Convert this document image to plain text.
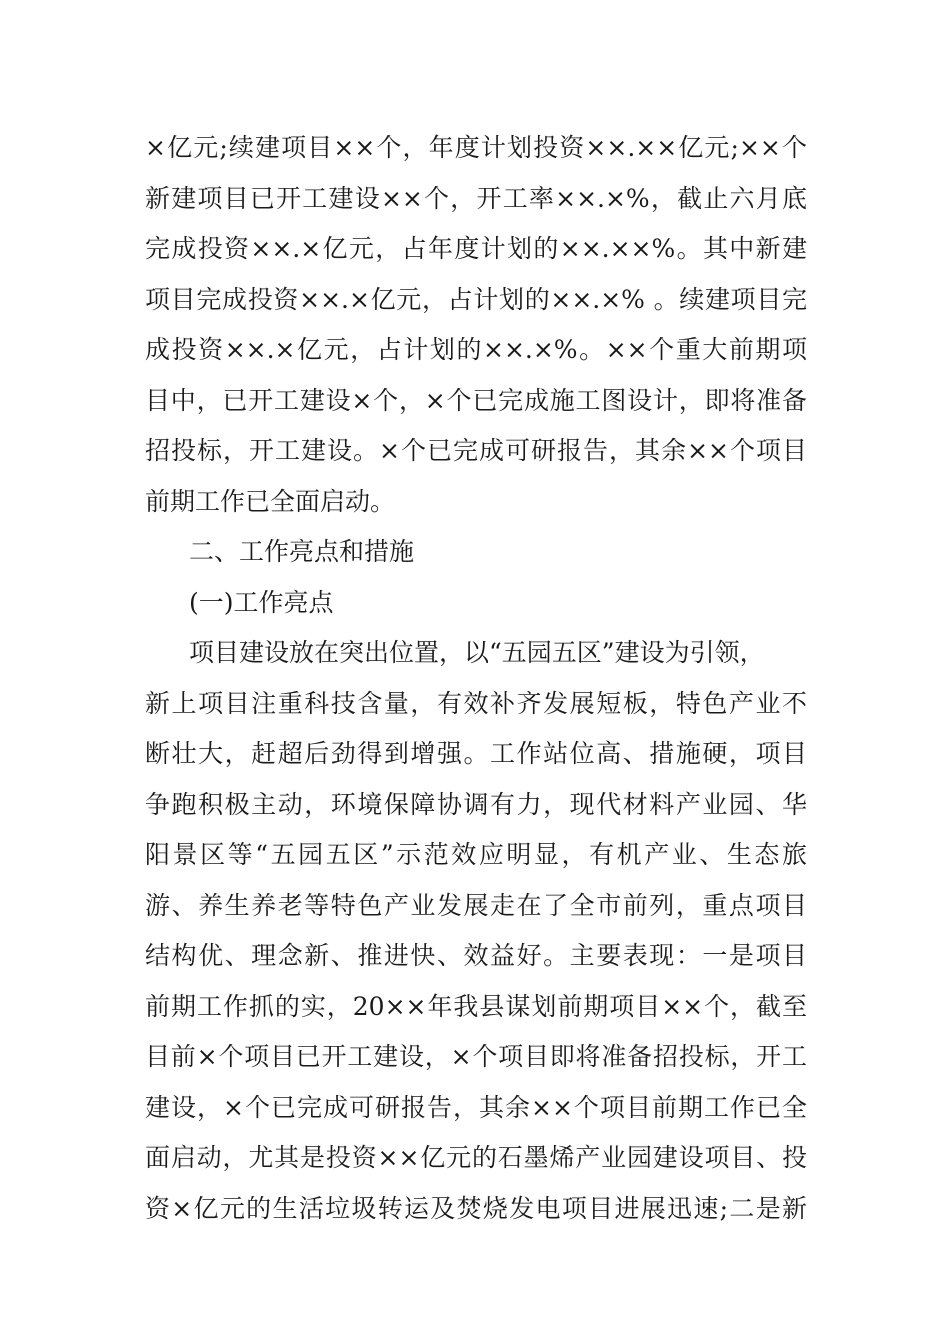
×亿元;续建项目××个，年度计划投资××.××亿元;××个
新建项目已开工建设××个，开工率××.×%，截止六月底
完成投资××.×亿元，占年度计划的××.××%。其中新建
项目完成投资××.×亿元，占计划的××.×% 。续建项目完
成投资××.×亿元，占计划的××.×%。××个重大前期项
目中，已开工建设×个，×个已完成施工图设计，即将准备
招投标，开工建设。×个已完成可研报告，其余××个项目
前期工作已全面启动。
二、工作亮点和措施
(一)工作亮点
项目建设放在突出位置，以“五园五区”建设为引领，
新上项目注重科技含量，有效补齐发展短板，特色产业不
断壮大，赶超后劲得到增强。工作站位高、措施硬，项目
争跑积极主动，环境保障协调有力，现代材料产业园、华
阳景区等“五园五区”示范效应明显，有机产业、生态旅
游、养生养老等特色产业发展走在了全市前列，重点项目
结构优、理念新、推进快、效益好。主要表现：一是项目
前期工作抓的实，20××年我县谋划前期项目××个，截至
目前×个项目已开工建设，×个项目即将准备招投标，开工
建设，×个已完成可研报告，其余××个项目前期工作已全
面启动，尤其是投资××亿元的石墨烯产业园建设项目、投
资×亿元的生活垃圾转运及焚烧发电项目进展迅速;二是新
